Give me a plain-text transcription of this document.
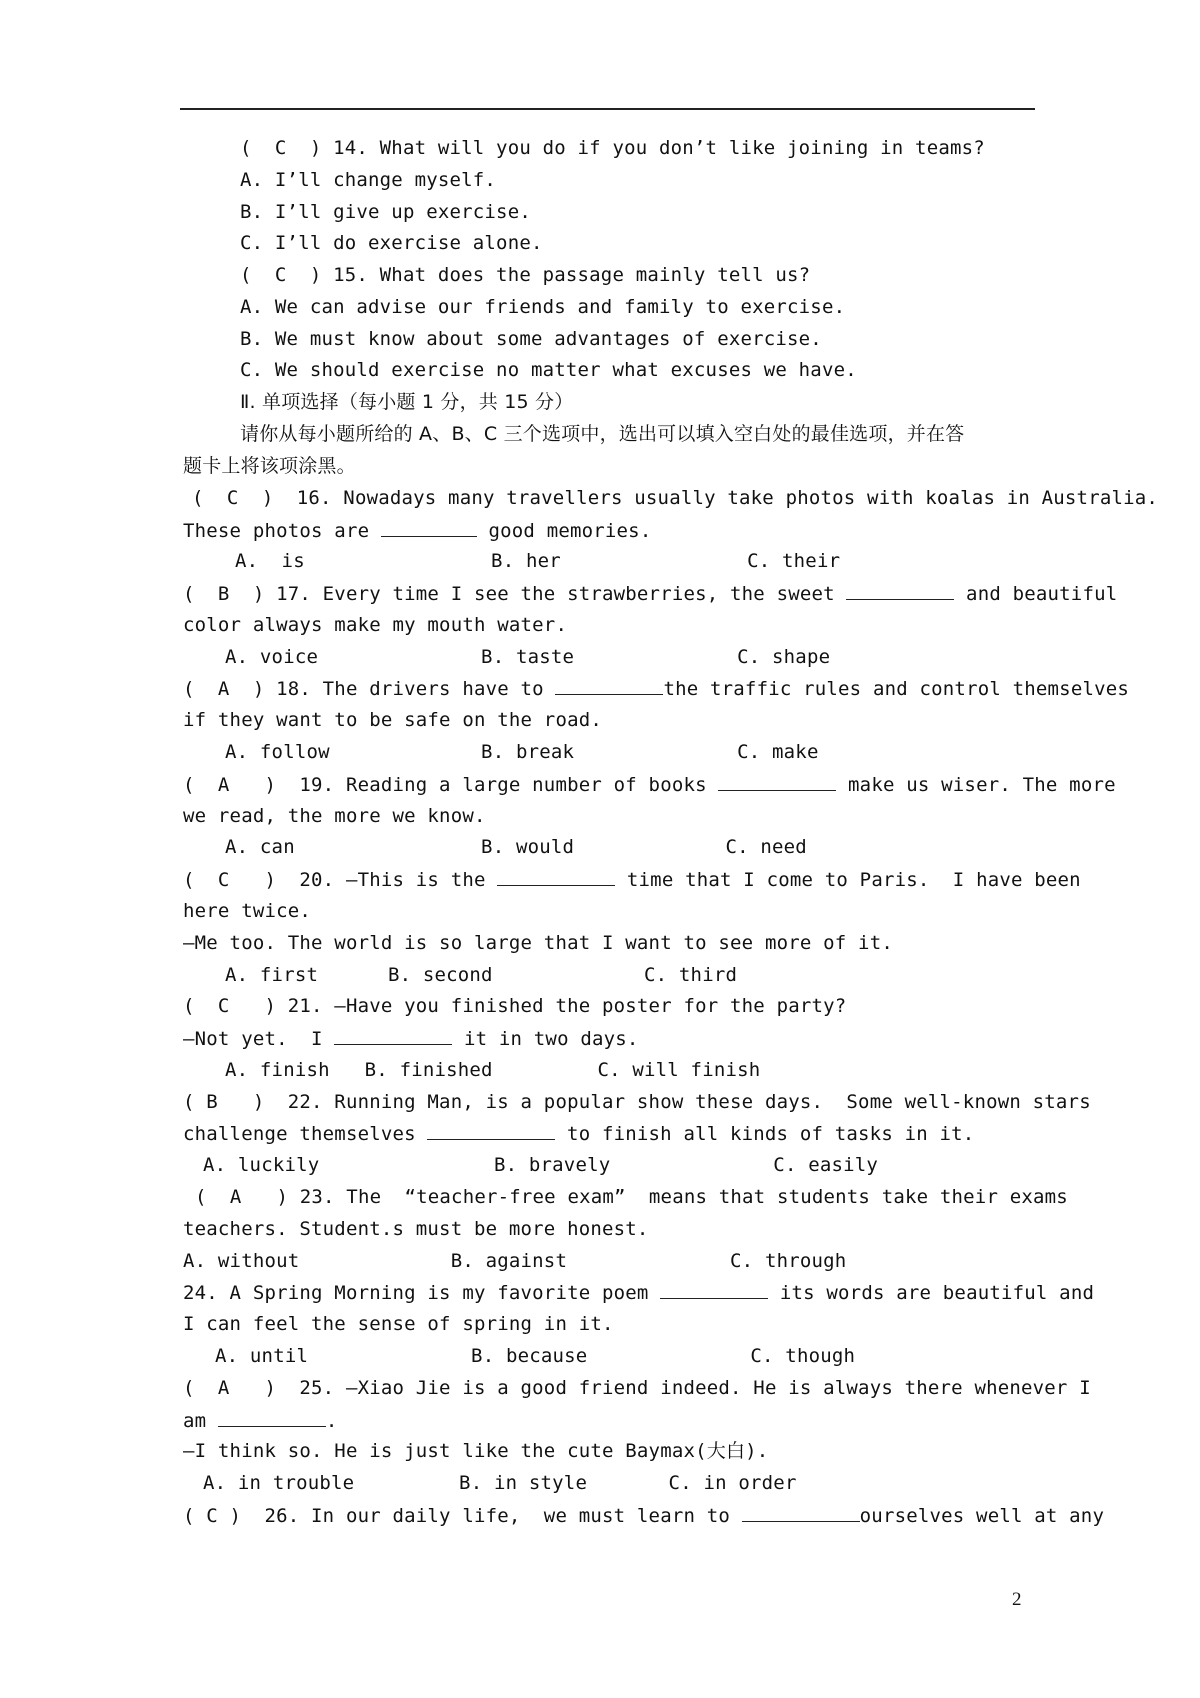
(  C  ) 14. What will you do if you don’t like joining in teams?
A. I’ll change myself.
B. I’ll give up exercise.
C. I’ll do exercise alone.
(  C  ) 15. What does the passage mainly tell us?
A. We can advise our friends and family to exercise.
B. We must know about some advantages of exercise.
C. We should exercise no matter what excuses we have.
Ⅱ. 单项选择（每小题 1 分，共 15 分）
请你从每小题所给的 A、B、C 三个选项中，选出可以填入空白处的最佳选项，并在答
题卡上将该项涂黑。
(  C  )  16. Nowadays many travellers usually take photos with koalas in Australia.
These photos are	good memories.
A.  is                B. her                C. their
(  B  ) 17. Every time I see the strawberries, the sweet	and beautiful
color always make my mouth water.
A. voice              B. taste              C. shape
(  A  ) 18. The drivers have to	the traffic rules and control themselves
if they want to be safe on the road.
A. follow             B. break              C. make
(  A   )  19. Reading a large number of books	make us wiser. The more
we read, the more we know.
A. can                B. would             C. need
(  C   )  20. —This is the	time that I come to Paris.  I have been
here twice.
—Me too. The world is so large that I want to see more of it.
A. first      B. second             C. third
(  C   ) 21. —Have you finished the poster for the party?
—Not yet.  I	it in two days.
A. finish   B. finished         C. will finish
( B   )  22. Running Man, is a popular show these days.  Some well-known stars
challenge themselves	to finish all kinds of tasks in it.
A. luckily               B. bravely              C. easily
(  A   ) 23. The  “teacher-free exam”  means that students take their exams
teachers. Student.s must be more honest.
A. without             B. against              C. through
24. A Spring Morning is my favorite poem	its words are beautiful and
I can feel the sense of spring in it.
A. until              B. because              C. though
(  A   )  25. —Xiao Jie is a good friend indeed. He is always there whenever I
am	.
—I think so. He is just like the cute Baymax(大白).
A. in trouble         B. in style       C. in order
( C )  26. In our daily life,  we must learn to	ourselves well at any
2
